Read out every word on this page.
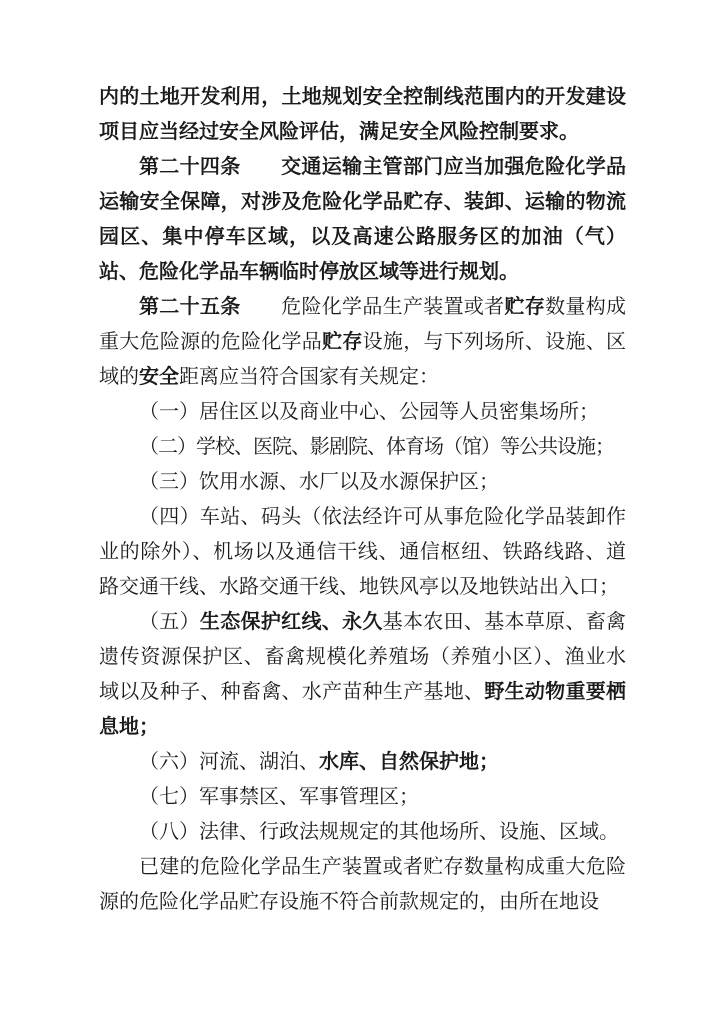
内的土地开发利用，土地规划安全控制线范围内的开发建设项目应当经过安全风险评估，满足安全风险控制要求。

第二十四条　　交通运输主管部门应当加强危险化学品运输安全保障，对涉及危险化学品贮存、装卸、运输的物流园区、集中停车区域，以及高速公路服务区的加油（气）站、危险化学品车辆临时停放区域等进行规划。

第二十五条　　危险化学品生产装置或者贮存数量构成重大危险源的危险化学品贮存设施，与下列场所、设施、区域的安全距离应当符合国家有关规定：

（一）居住区以及商业中心、公园等人员密集场所；

（二）学校、医院、影剧院、体育场（馆）等公共设施；

（三）饮用水源、水厂以及水源保护区；

（四）车站、码头（依法经许可从事危险化学品装卸作业的除外）、机场以及通信干线、通信枢纽、铁路线路、道路交通干线、水路交通干线、地铁风亭以及地铁站出入口；

（五）生态保护红线、永久基本农田、基本草原、畜禽遗传资源保护区、畜禽规模化养殖场（养殖小区）、渔业水域以及种子、种畜禽、水产苗种生产基地、野生动物重要栖息地；

（六）河流、湖泊、水库、自然保护地；

（七）军事禁区、军事管理区；

（八）法律、行政法规规定的其他场所、设施、区域。

已建的危险化学品生产装置或者贮存数量构成重大危险源的危险化学品贮存设施不符合前款规定的，由所在地设
